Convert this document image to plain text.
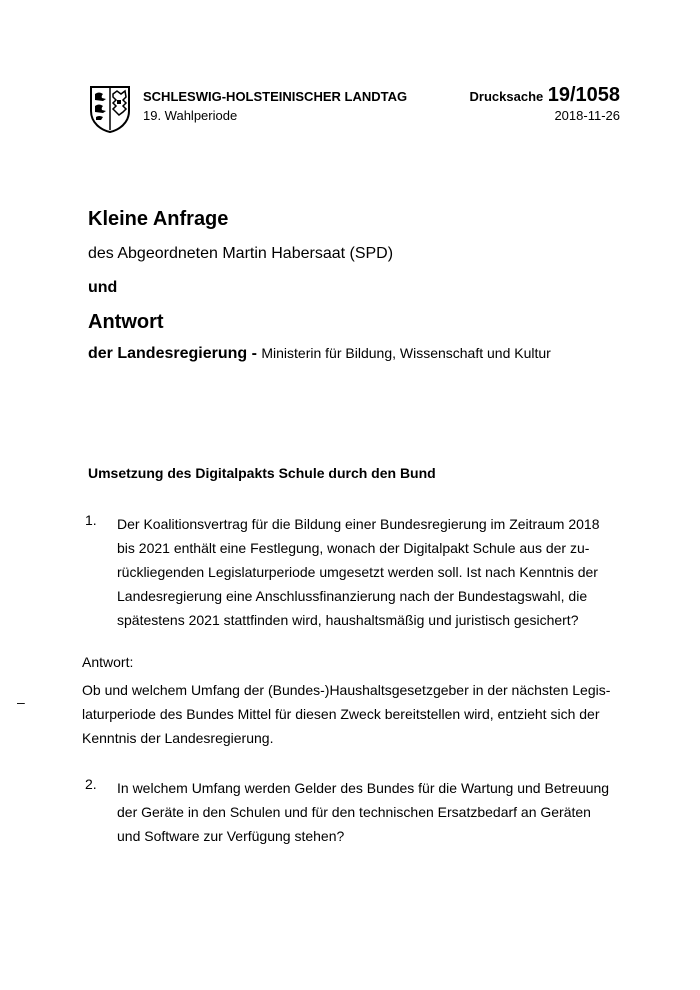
SCHLESWIG-HOLSTEINISCHER LANDTAG
19. Wahlperiode
Drucksache 19/1058
2018-11-26
Kleine Anfrage
des Abgeordneten Martin Habersaat (SPD)
und
Antwort
der Landesregierung - Ministerin für Bildung, Wissenschaft und Kultur
Umsetzung des Digitalpakts Schule durch den Bund
1. Der Koalitionsvertrag für die Bildung einer Bundesregierung im Zeitraum 2018
bis 2021 enthält eine Festlegung, wonach der Digitalpakt Schule aus der zu-
rückliegenden Legislaturperiode umgesetzt werden soll. Ist nach Kenntnis der
Landesregierung eine Anschlussfinanzierung nach der Bundestagswahl, die
spätestens 2021 stattfinden wird, haushaltsmäßig und juristisch gesichert?
Antwort:
Ob und welchem Umfang der (Bundes-)Haushaltsgesetzgeber in der nächsten Legis-
laturperiode des Bundes Mittel für diesen Zweck bereitstellen wird, entzieht sich der
Kenntnis der Landesregierung.
–
2. In welchem Umfang werden Gelder des Bundes für die Wartung und Betreuung
der Geräte in den Schulen und für den technischen Ersatzbedarf an Geräten
und Software zur Verfügung stehen?
